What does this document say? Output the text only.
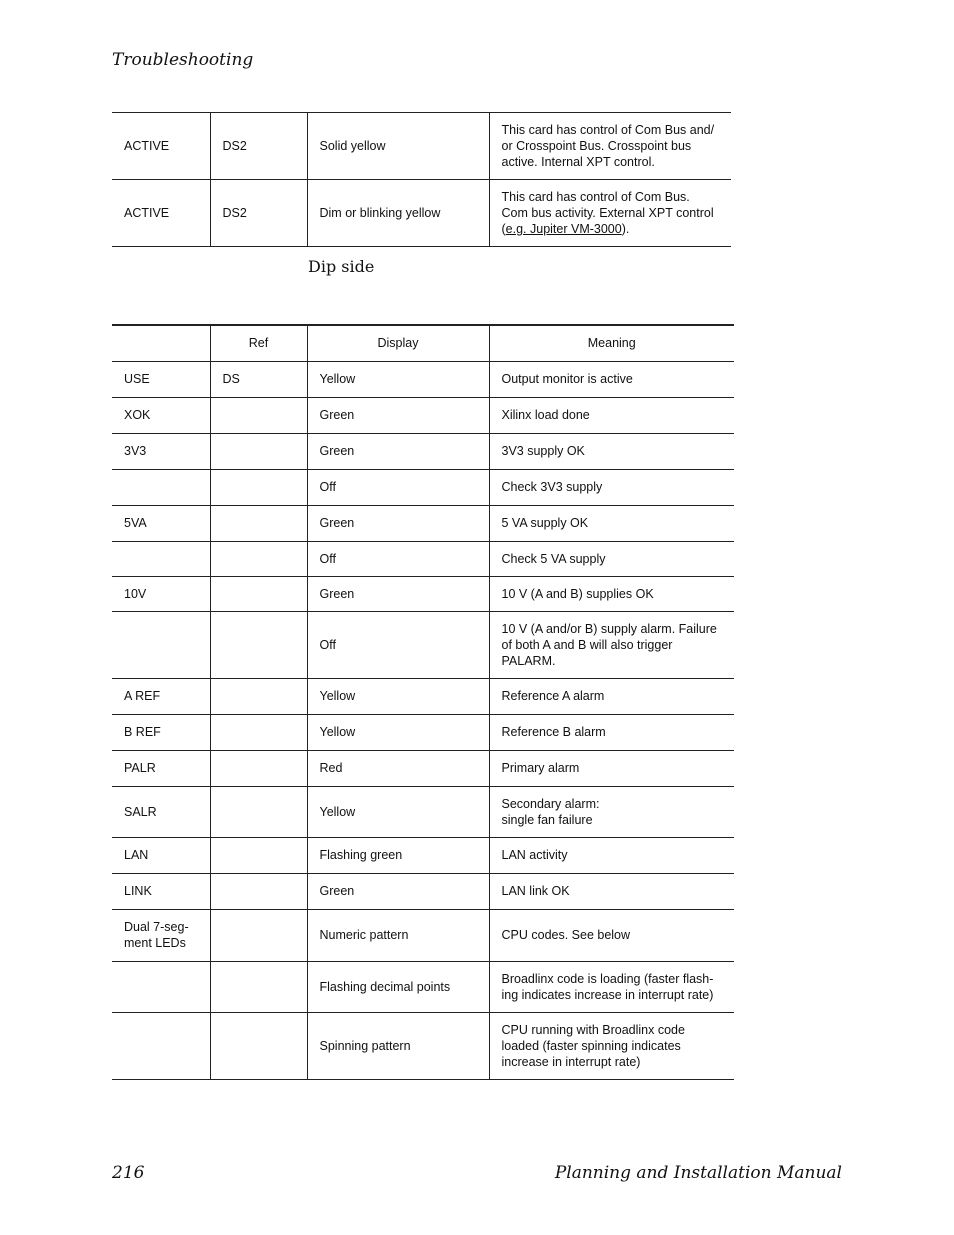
Troubleshooting
ACTIVE	DS2	Solid yellow	This card has control of Com Bus and/ or Crosspoint Bus. Crosspoint bus active. Internal XPT control.
ACTIVE	DS2	Dim or blinking yellow	This card has control of Com Bus. Com bus activity. External XPT control (e.g. Jupiter VM-3000).
Dip side
	Ref	Display	Meaning
USE	DS	Yellow	Output monitor is active
XOK		Green	Xilinx load done
3V3		Green	3V3 supply OK
		Off	Check 3V3 supply
5VA		Green	5 VA supply OK
		Off	Check 5 VA supply
10V		Green	10 V (A and B) supplies OK
		Off	10 V (A and/or B) supply alarm. Failure of both A and B will also trigger PALARM.
A REF		Yellow	Reference A alarm
B REF		Yellow	Reference B alarm
PALR		Red	Primary alarm
SALR		Yellow	Secondary alarm:
single fan failure
LAN		Flashing green	LAN activity
LINK		Green	LAN link OK
Dual 7-seg-
ment LEDs		Numeric pattern	CPU codes. See below
		Flashing decimal points	Broadlinx code is loading (faster flash-
ing indicates increase in interrupt rate)
		Spinning pattern	CPU running with Broadlinx code
loaded (faster spinning indicates
increase in interrupt rate)
216	Planning and Installation Manual
